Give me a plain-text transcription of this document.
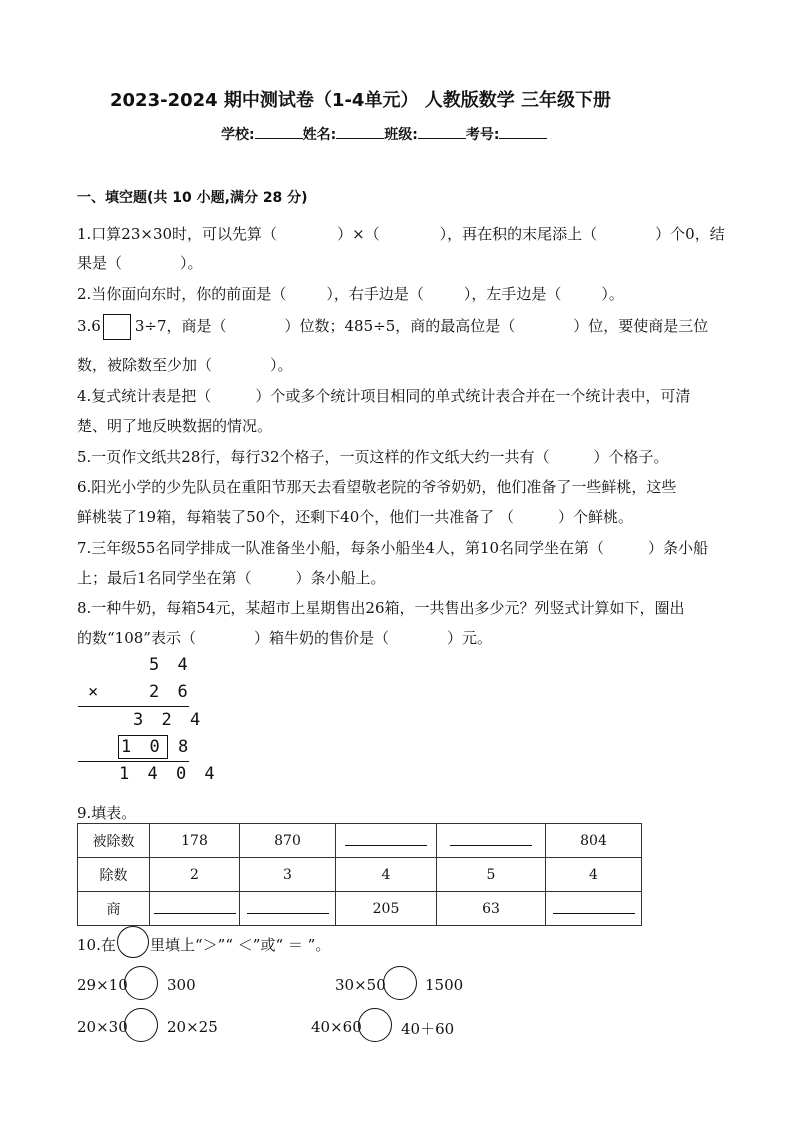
2023-2024 期中测试卷（1-4单元） 人教版数学 三年级下册
学校:	姓名:	班级:	考号:
一、填空题(共 10 小题,满分 28 分)
1.口算23×30时，可以先算（	）×（	），再在积的末尾添上（	）个0，结
果是（	）。
2.当你面向东时，你的前面是（	），右手边是（	），左手边是（	）。
3.6 3÷7，商是（	）位数；485÷5，商的最高位是（	）位，要使商是三位
数，被除数至少加（	）。
4.复式统计表是把（	）个或多个统计项目相同的单式统计表合并在一个统计表中，可清
楚、明了地反映数据的情况。
5.一页作文纸共28行，每行32个格子，一页这样的作文纸大约一共有（	）个格子。
6.阳光小学的少先队员在重阳节那天去看望敬老院的爷爷奶奶，他们准备了一些鲜桃，这些
鲜桃装了19箱，每箱装了50个，还剩下40个，他们一共准备了 （	）个鲜桃。
7.三年级55名同学排成一队准备坐小船，每条小船坐4人，第10名同学坐在第（	）条小船
上；最后1名同学坐在第（	）条小船上。
8.一种牛奶，每箱54元，某超市上星期售出26箱，一共售出多少元？列竖式计算如下，圈出
的数“108”表示（	）箱牛奶的售价是（	）元。
5 4
×	2 6
3 2 4
1 0 8
1 4 0 4
9.填表。
被除数	178	870			804
除数	2	3	4	5	4
商			205	63	
10.在 里填上“＞”“ ＜”或“ ＝ ”。
29×10	300	30×50	1500
20×30	20×25	40×60	40＋60
